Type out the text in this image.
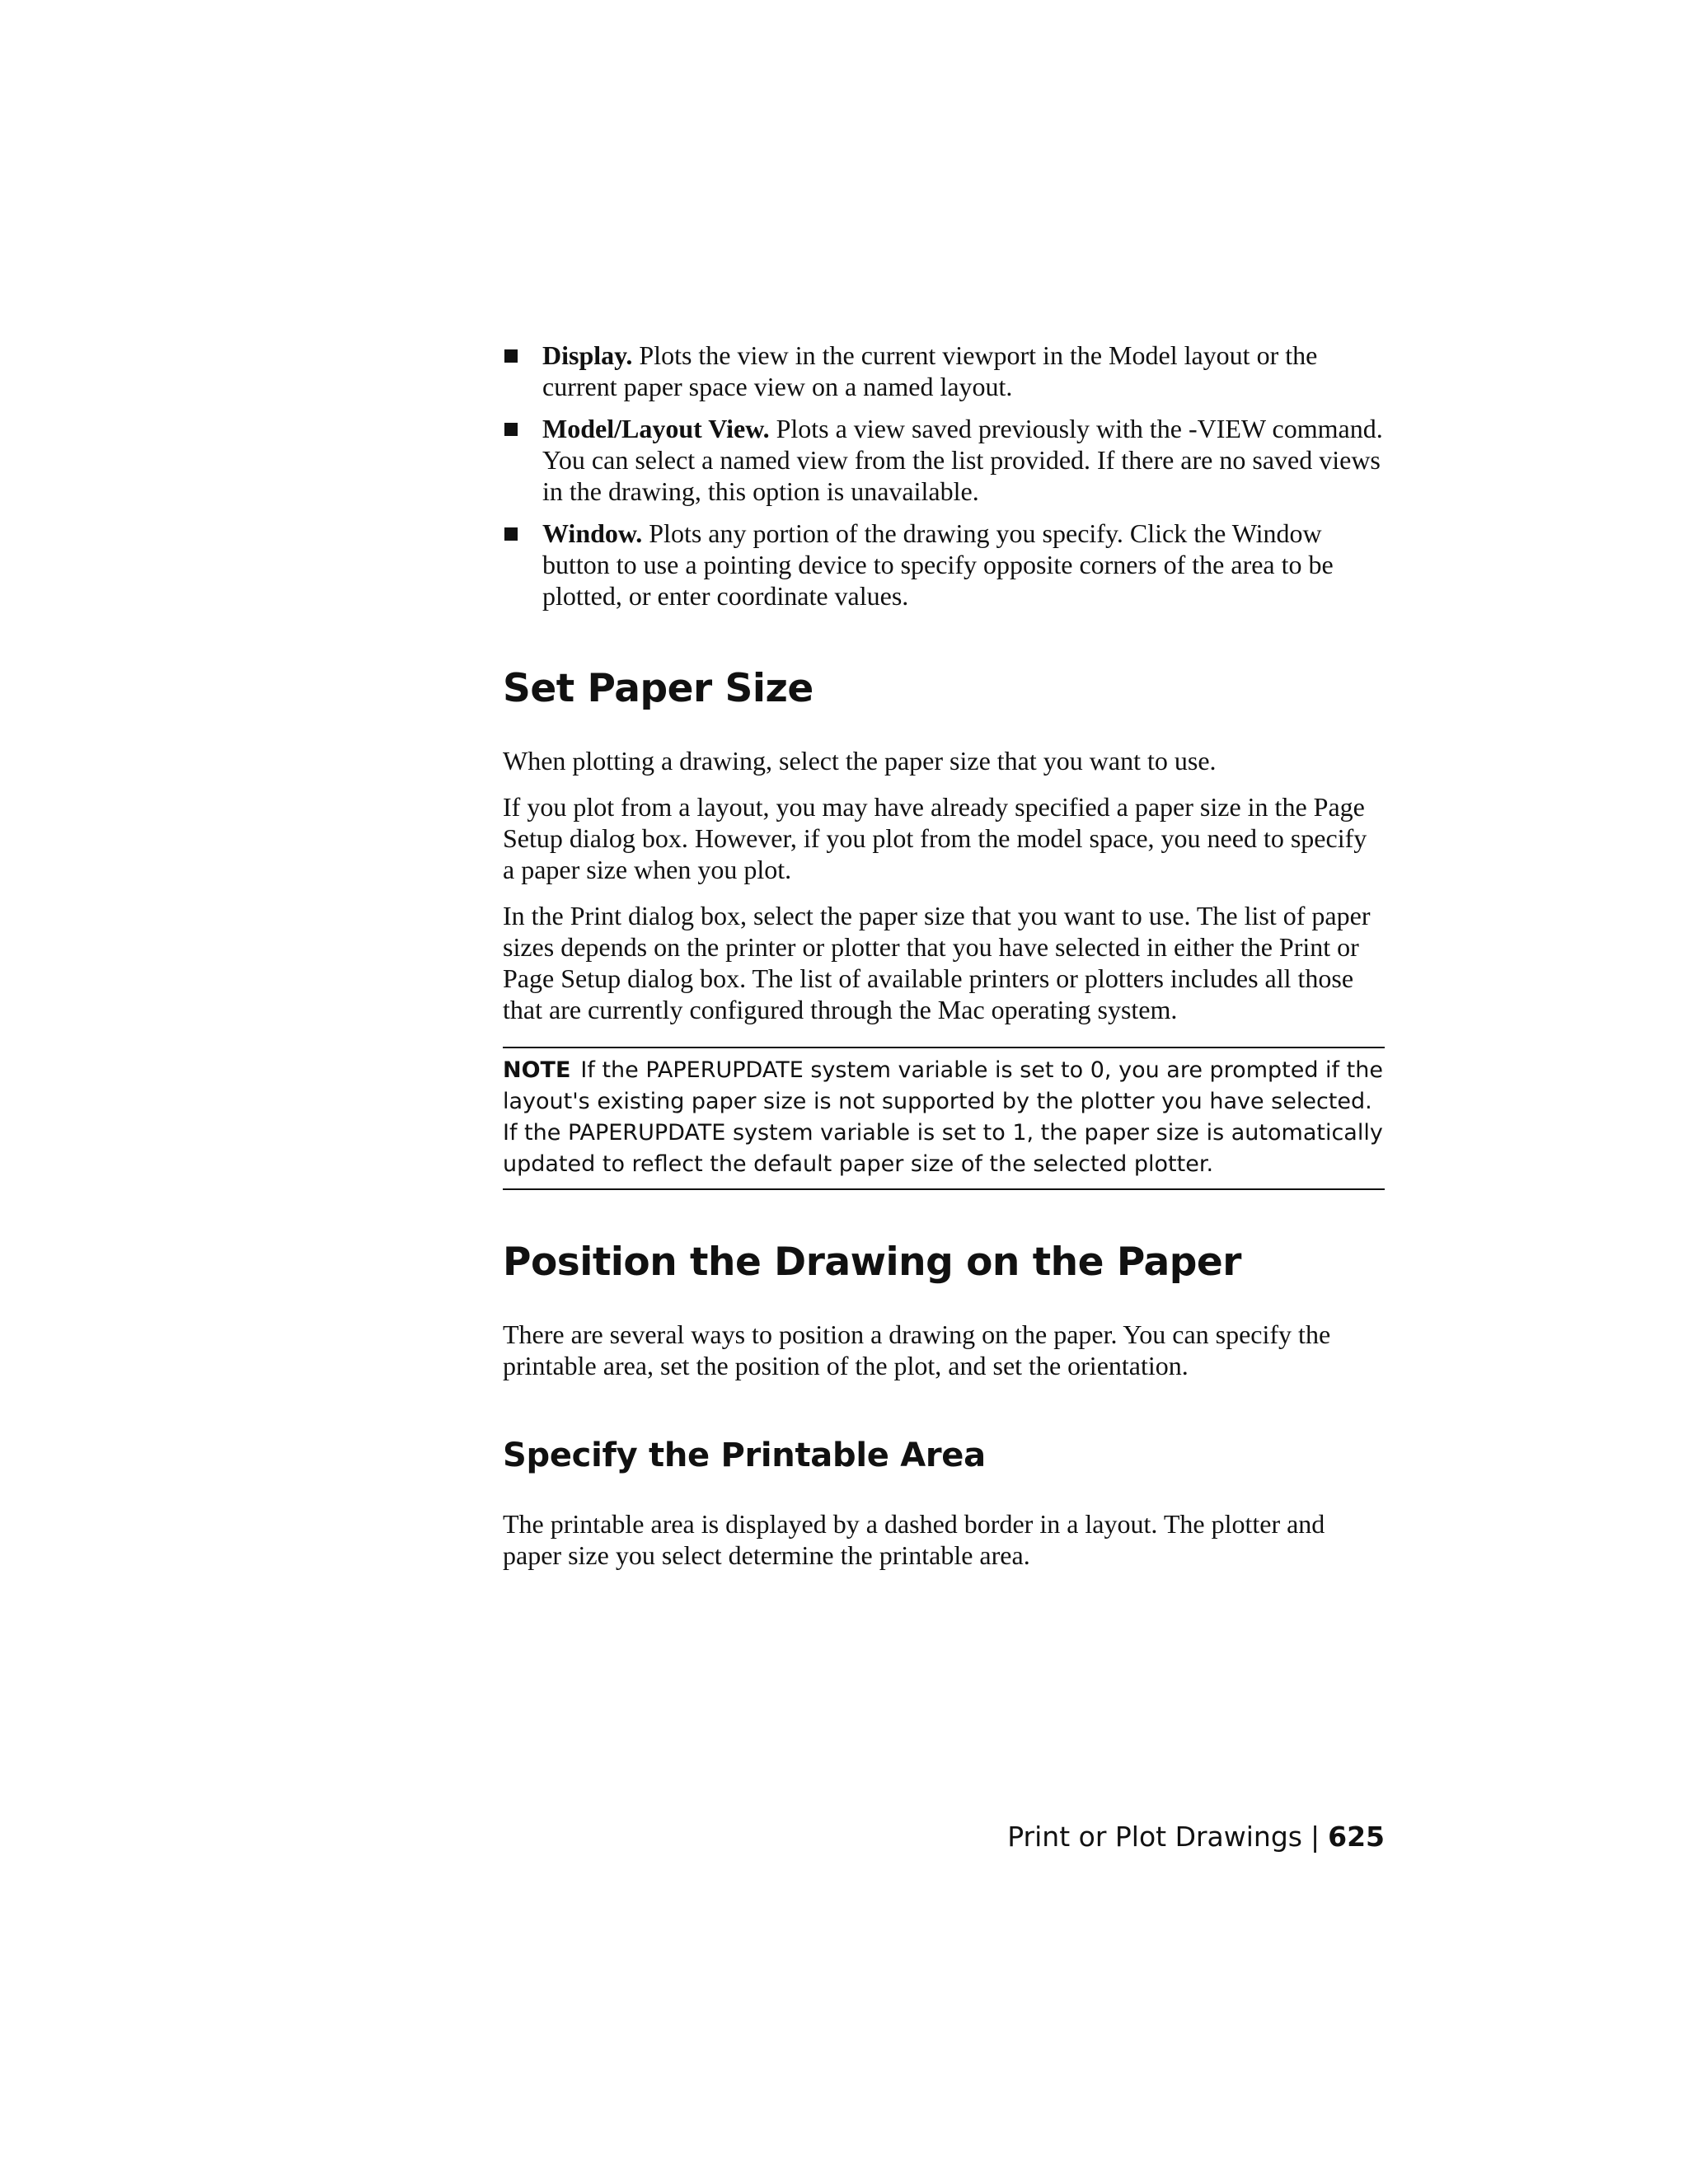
Display. Plots the view in the current viewport in the Model layout or the current paper space view on a named layout.
Model/Layout View. Plots a view saved previously with the -VIEW command. You can select a named view from the list provided. If there are no saved views in the drawing, this option is unavailable.
Window. Plots any portion of the drawing you specify. Click the Window button to use a pointing device to specify opposite corners of the area to be plotted, or enter coordinate values.
Set Paper Size

When plotting a drawing, select the paper size that you want to use.

If you plot from a layout, you may have already specified a paper size in the Page Setup dialog box. However, if you plot from the model space, you need to specify a paper size when you plot.

In the Print dialog box, select the paper size that you want to use. The list of paper sizes depends on the printer or plotter that you have selected in either the Print or Page Setup dialog box. The list of available printers or plotters includes all those that are currently configured through the Mac operating system.

NOTE If the PAPERUPDATE system variable is set to 0, you are prompted if the layout's existing paper size is not supported by the plotter you have selected. If the PAPERUPDATE system variable is set to 1, the paper size is automatically updated to reflect the default paper size of the selected plotter.
Position the Drawing on the Paper

There are several ways to position a drawing on the paper. You can specify the printable area, set the position of the plot, and set the orientation.

Specify the Printable Area

The printable area is displayed by a dashed border in a layout. The plotter and paper size you select determine the printable area.

Print or Plot Drawings | 625
